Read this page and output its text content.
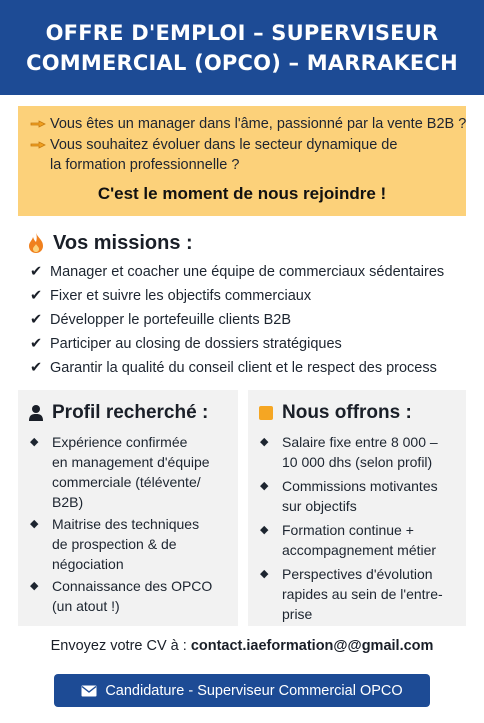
OFFRE D'EMPLOI – SUPERVISEUR
COMMERCIAL (OPCO) – MARRAKECH
Vous êtes un manager dans l'âme, passionné par la vente B2B ?
Vous souhaitez évoluer dans le secteur dynamique de
la formation professionnelle ?
C'est le moment de nous rejoindre !
Vos missions :
✔ Manager et coacher une équipe de commerciaux sédentaires
✔ Fixer et suivre les objectifs commerciaux
✔ Développer le portefeuille clients B2B
✔ Participer au closing de dossiers stratégiques
✔ Garantir la qualité du conseil client et le respect des process
Profil recherché :
◆ Expérience confirmée
en management d'équipe
commerciale (télévente/
B2B)
◆ Maitrise des techniques
de prospection & de
négociation
◆ Connaissance des OPCO
(un atout !)
Nous offrons :
◆ Salaire fixe entre 8 000 –
10 000 dhs (selon profil)
◆ Commissions motivantes
sur objectifs
◆ Formation continue +
accompagnement métier
◆ Perspectives d'évolution
rapides au sein de l'entre-
prise
Envoyez votre CV à : contact.iaeformation@@gmail.com
Candidature - Superviseur Commercial OPCO
